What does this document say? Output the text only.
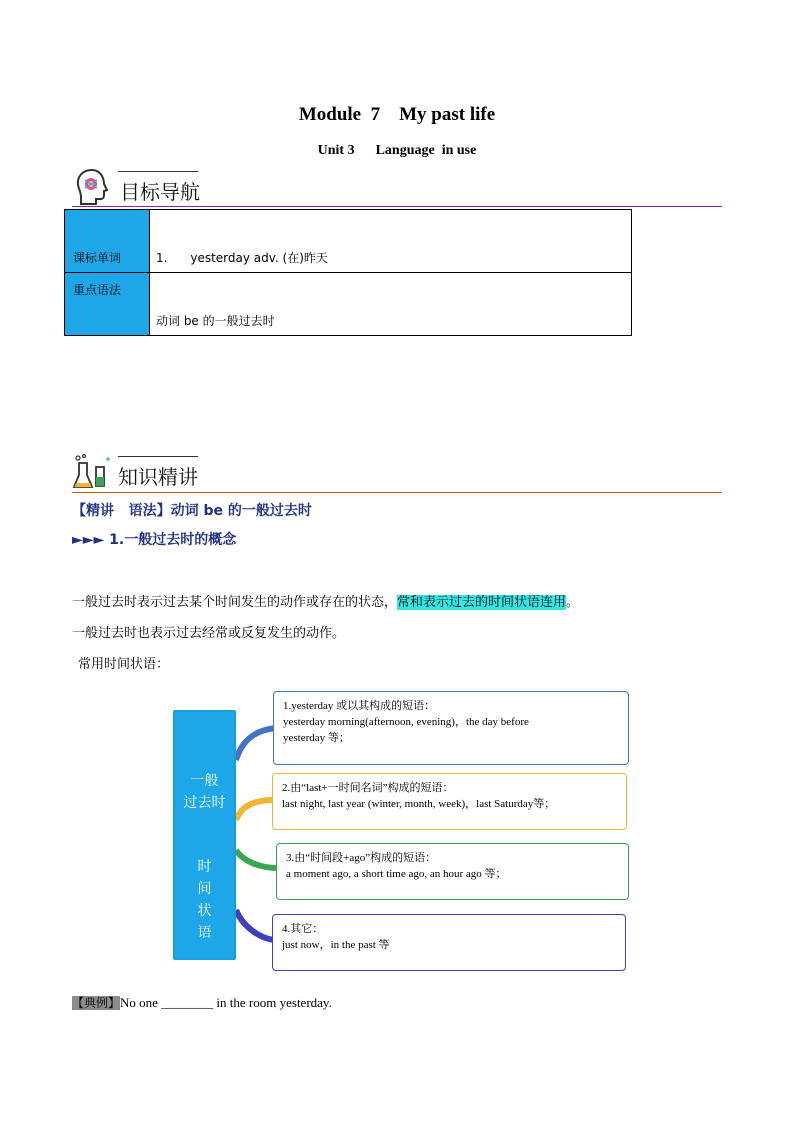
Module  7    My past life
Unit 3      Language  in use
目标导航
课标单词	1.      yesterday adv. (在)昨天
重点语法	动词 be 的一般过去时
知识精讲
【精讲   语法】动词 be 的一般过去时
►►► 1.一般过去时的概念
一般过去时表示过去某个时间发生的动作或存在的状态，常和表示过去的时间状语连用。
一般过去时也表示过去经常或反复发生的动作。
常用时间状语：
一般
过去时
时
间
状
语
1.yesterday 或以其构成的短语：
yesterday morning(afternoon, evening)，the day before
yesterday 等；
2.由“last+一时间名词”构成的短语：
last night, last year (winter, month, week)，last Saturday等；
3.由“时间段+ago”构成的短语：
a moment ago, a short time ago, an hour ago 等；
4.其它：
just now，in the past 等
【典例】No one ________ in the room yesterday.
